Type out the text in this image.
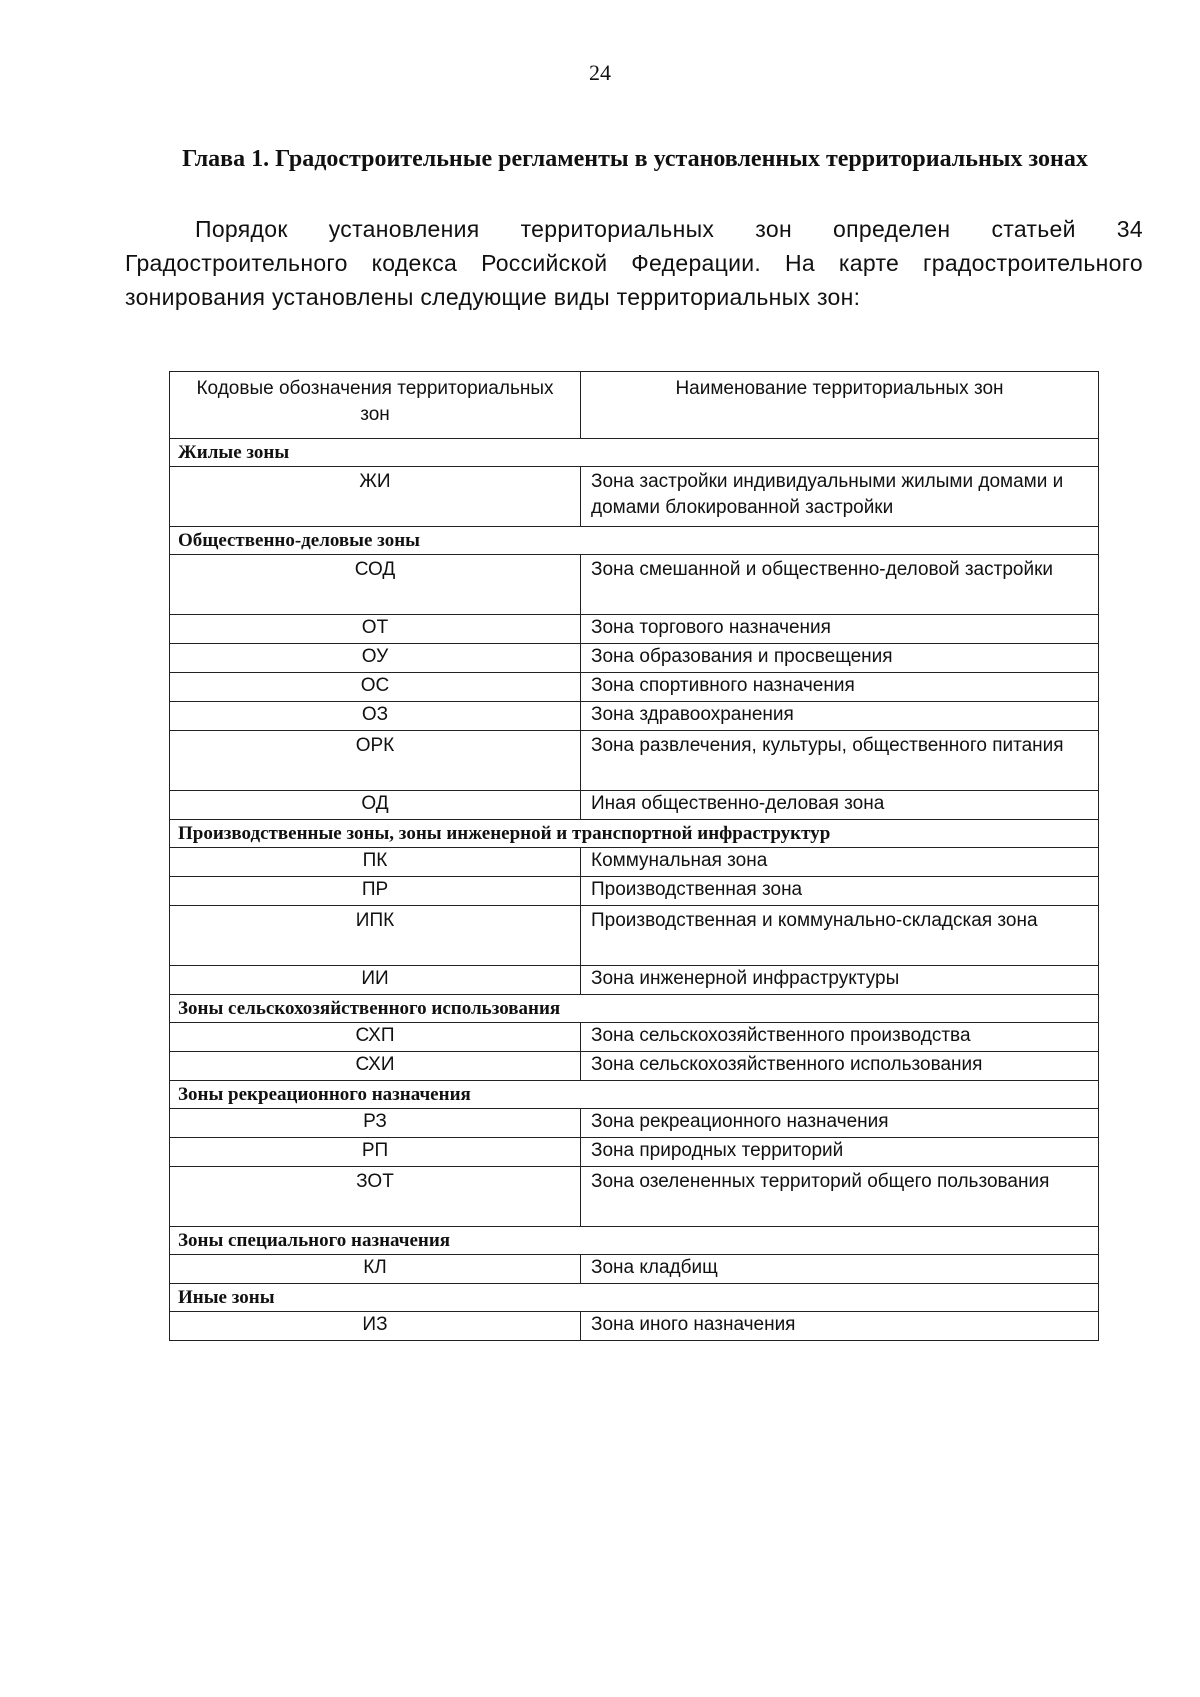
24
Глава 1. Градостроительные регламенты в установленных территориальных зонах
Порядок установления территориальных зон определен статьей 34 Градостроительного кодекса Российской Федерации. На карте градостроительного зонирования установлены следующие виды территориальных зон:
Кодовые обозначения территориальных зон	Наименование территориальных зон
Жилые зоны	
ЖИ	Зона застройки индивидуальными жилыми домами и домами блокированной застройки
Общественно-деловые зоны	
СОД	Зона смешанной и общественно-деловой застройки
ОТ	Зона торгового назначения
ОУ	Зона образования и просвещения
ОС	Зона спортивного назначения
ОЗ	Зона здравоохранения
ОРК	Зона развлечения, культуры, общественного питания
ОД	Иная общественно-деловая зона
Производственные зоны, зоны инженерной и транспортной инфраструктур	
ПК	Коммунальная зона
ПР	Производственная зона
ИПК	Производственная и коммунально-складская зона
ИИ	Зона инженерной инфраструктуры
Зоны сельскохозяйственного использования	
СХП	Зона сельскохозяйственного производства
СХИ	Зона сельскохозяйственного использования
Зоны рекреационного назначения	
РЗ	Зона рекреационного назначения
РП	Зона природных территорий
ЗОТ	Зона озелененных территорий общего пользования
Зоны специального назначения	
КЛ	Зона кладбищ
Иные зоны	
ИЗ	Зона иного назначения
